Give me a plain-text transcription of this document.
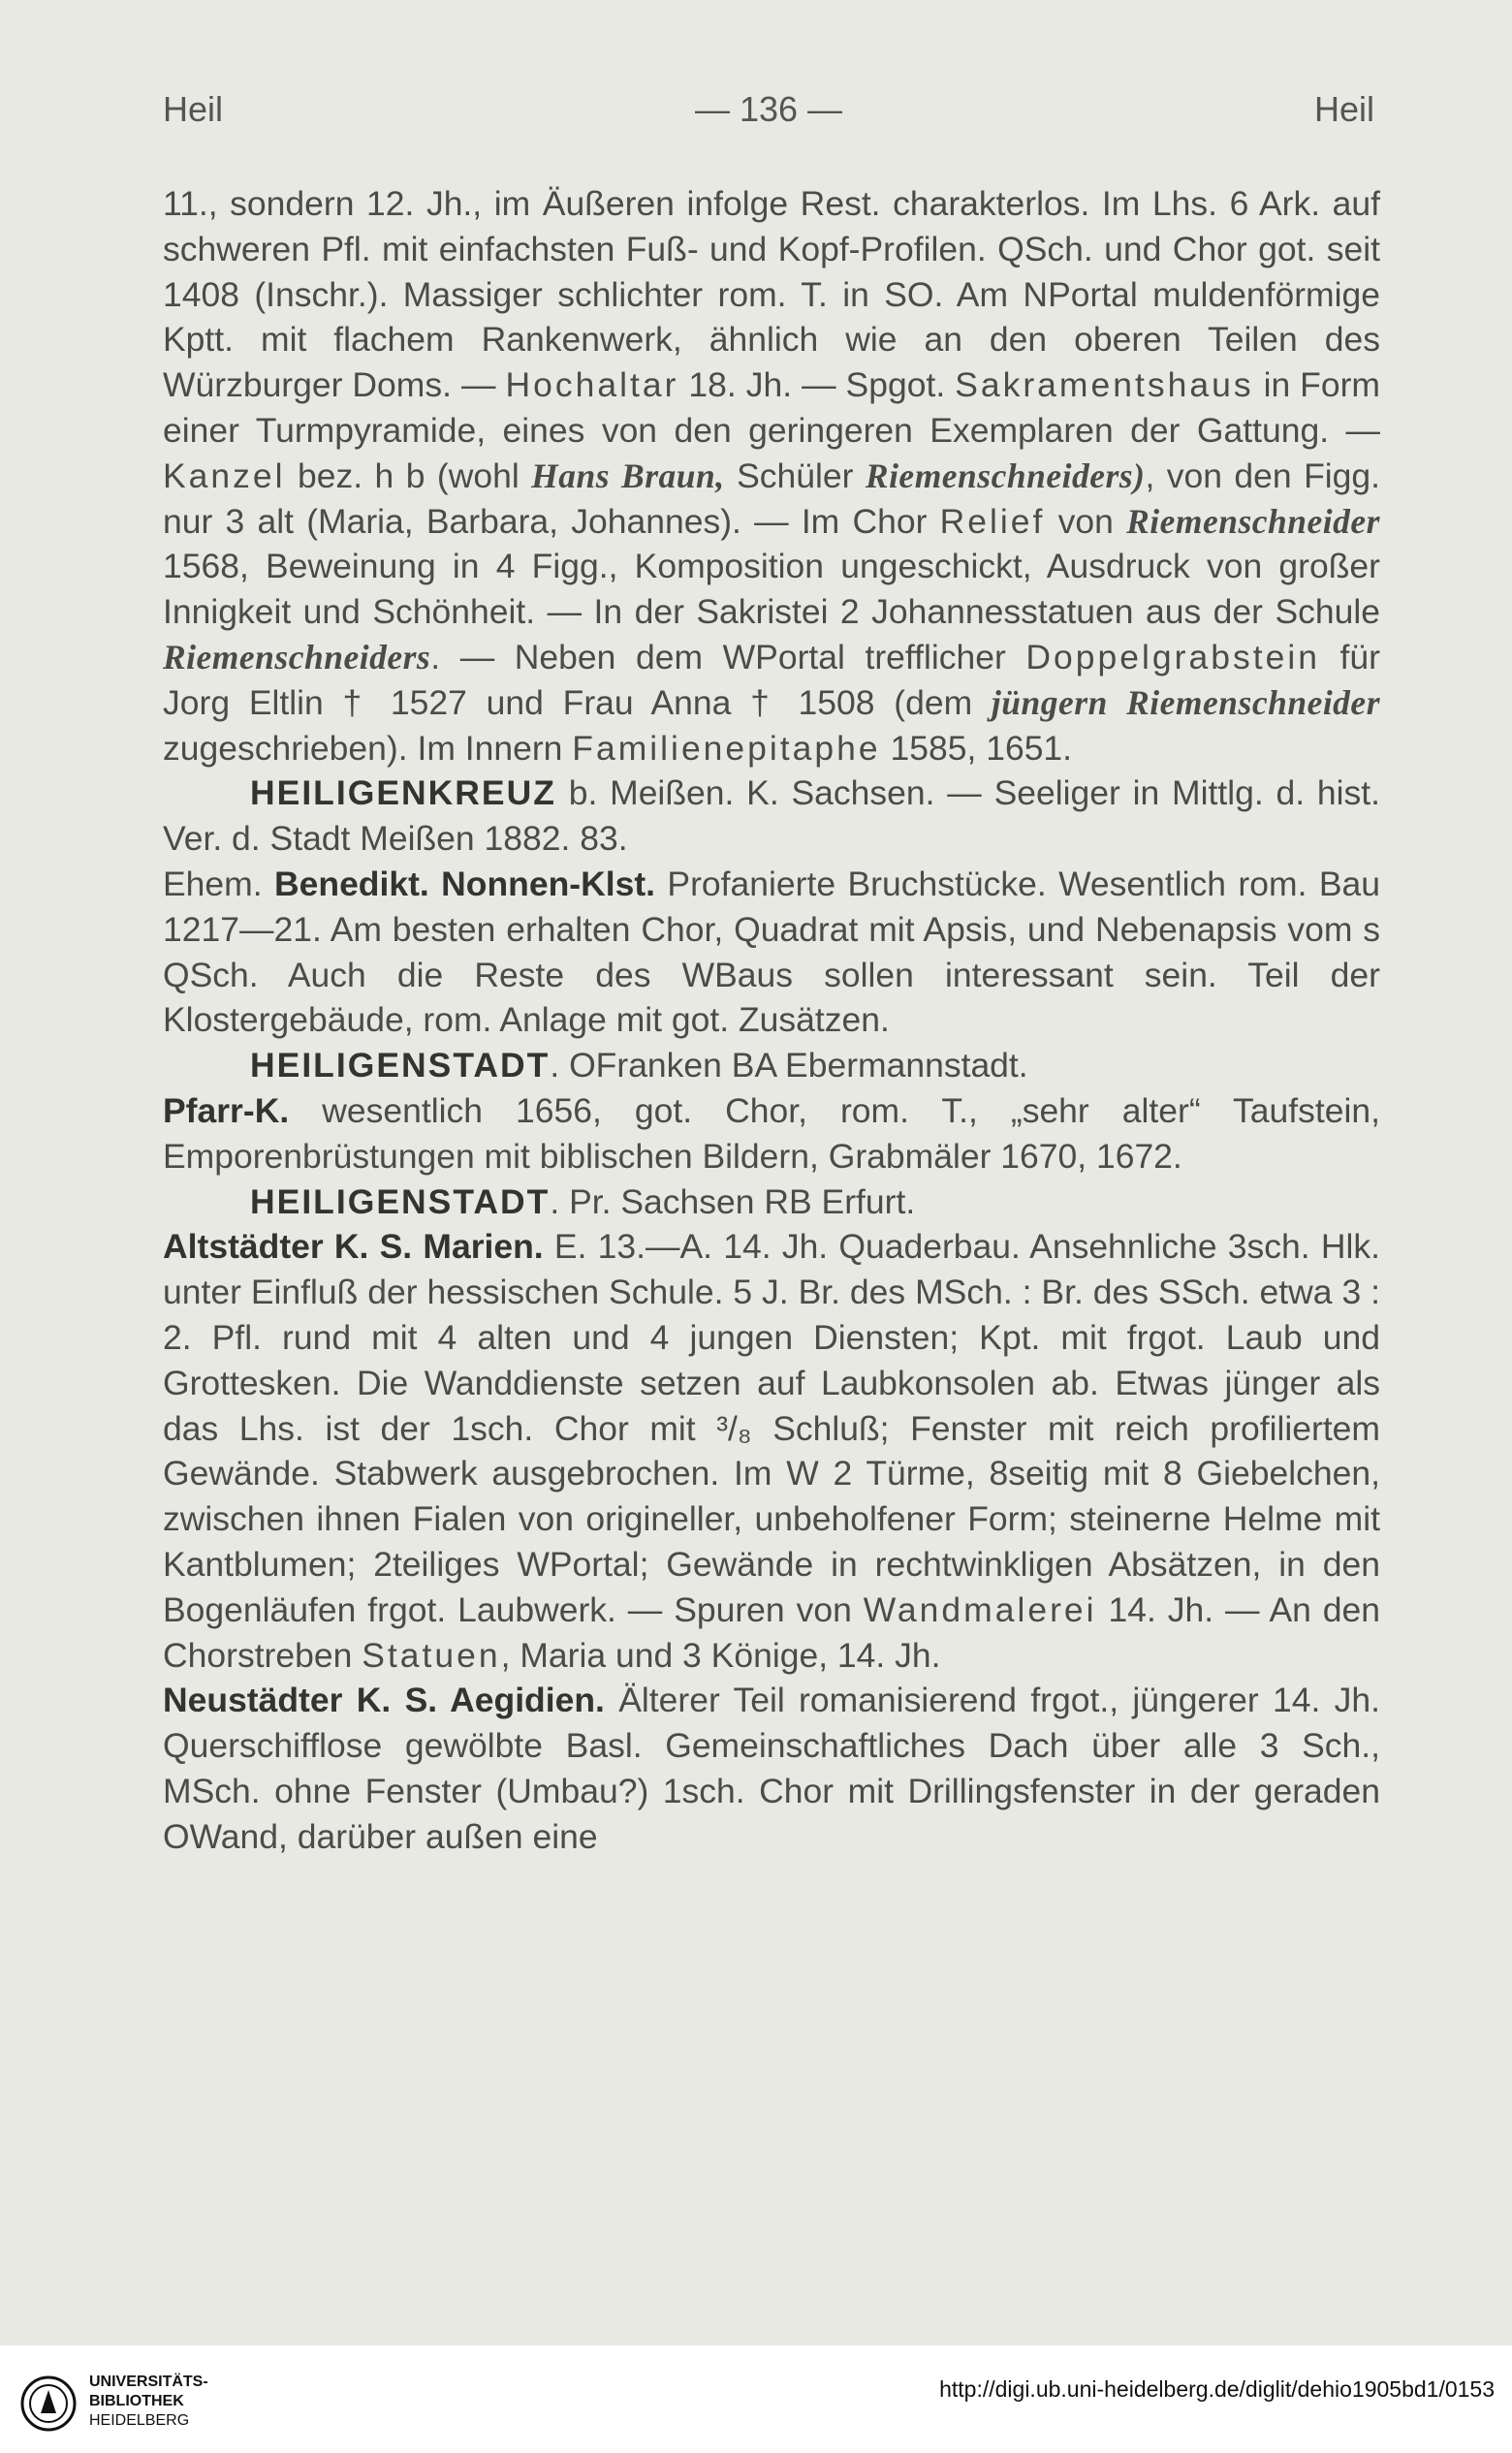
Heil	— 136 —	Heil

11., sondern 12. Jh., im Äußeren infolge Rest. charakterlos. Im Lhs. 6 Ark. auf schweren Pfl. mit einfachsten Fuß- und Kopf-Profilen. QSch. und Chor got. seit 1408 (Inschr.). Massiger schlichter rom. T. in SO. Am NPortal muldenförmige Kptt. mit flachem Rankenwerk, ähnlich wie an den oberen Teilen des Würzburger Doms. — Hochaltar 18. Jh. — Spgot. Sakramentshaus in Form einer Turmpyramide, eines von den geringeren Exemplaren der Gattung. — Kanzel bez. h b (wohl Hans Braun, Schüler Riemenschneiders), von den Figg. nur 3 alt (Maria, Barbara, Johannes). — Im Chor Relief von Riemenschneider 1568, Beweinung in 4 Figg., Komposition ungeschickt, Ausdruck von großer Innigkeit und Schönheit. — In der Sakristei 2 Johannesstatuen aus der Schule Riemenschneiders. — Neben dem WPortal trefflicher Doppelgrabstein für Jorg Eltlin † 1527 und Frau Anna † 1508 (dem jüngern Riemenschneider zugeschrieben). Im Innern Familienepitaphe 1585, 1651.

HEILIGENKREUZ b. Meißen. K. Sachsen. — Seeliger in Mittlg. d. hist. Ver. d. Stadt Meißen 1882. 83.

Ehem. Benedikt. Nonnen-Klst. Profanierte Bruchstücke. Wesentlich rom. Bau 1217—21. Am besten erhalten Chor, Quadrat mit Apsis, und Nebenapsis vom s QSch. Auch die Reste des WBaus sollen interessant sein. Teil der Klostergebäude, rom. Anlage mit got. Zusätzen.

HEILIGENSTADT. OFranken BA Ebermannstadt.

Pfarr-K. wesentlich 1656, got. Chor, rom. T., „sehr alter“ Taufstein, Emporenbrüstungen mit biblischen Bildern, Grabmäler 1670, 1672.

HEILIGENSTADT. Pr. Sachsen RB Erfurt.

Altstädter K. S. Marien. E. 13.—A. 14. Jh. Quaderbau. Ansehnliche 3sch. Hlk. unter Einfluß der hessischen Schule. 5 J. Br. des MSch. : Br. des SSch. etwa 3 : 2. Pfl. rund mit 4 alten und 4 jungen Diensten; Kpt. mit frgot. Laub und Grottesken. Die Wanddienste setzen auf Laubkonsolen ab. Etwas jünger als das Lhs. ist der 1sch. Chor mit ³/₈ Schluß; Fenster mit reich profiliertem Gewände. Stabwerk ausgebrochen. Im W 2 Türme, 8seitig mit 8 Giebelchen, zwischen ihnen Fialen von origineller, unbeholfener Form; steinerne Helme mit Kantblumen; 2teiliges WPortal; Gewände in rechtwinkligen Absätzen, in den Bogenläufen frgot. Laubwerk. — Spuren von Wandmalerei 14. Jh. — An den Chorstreben Statuen, Maria und 3 Könige, 14. Jh.

Neustädter K. S. Aegidien. Älterer Teil romanisierend frgot., jüngerer 14. Jh. Querschifflose gewölbte Basl. Gemeinschaftliches Dach über alle 3 Sch., MSch. ohne Fenster (Umbau?) 1sch. Chor mit Drillingsfenster in der geraden OWand, darüber außen eine

UNIVERSITÄTS-
BIBLIOTHEK
HEIDELBERG
http://digi.ub.uni-heidelberg.de/diglit/dehio1905bd1/0153
